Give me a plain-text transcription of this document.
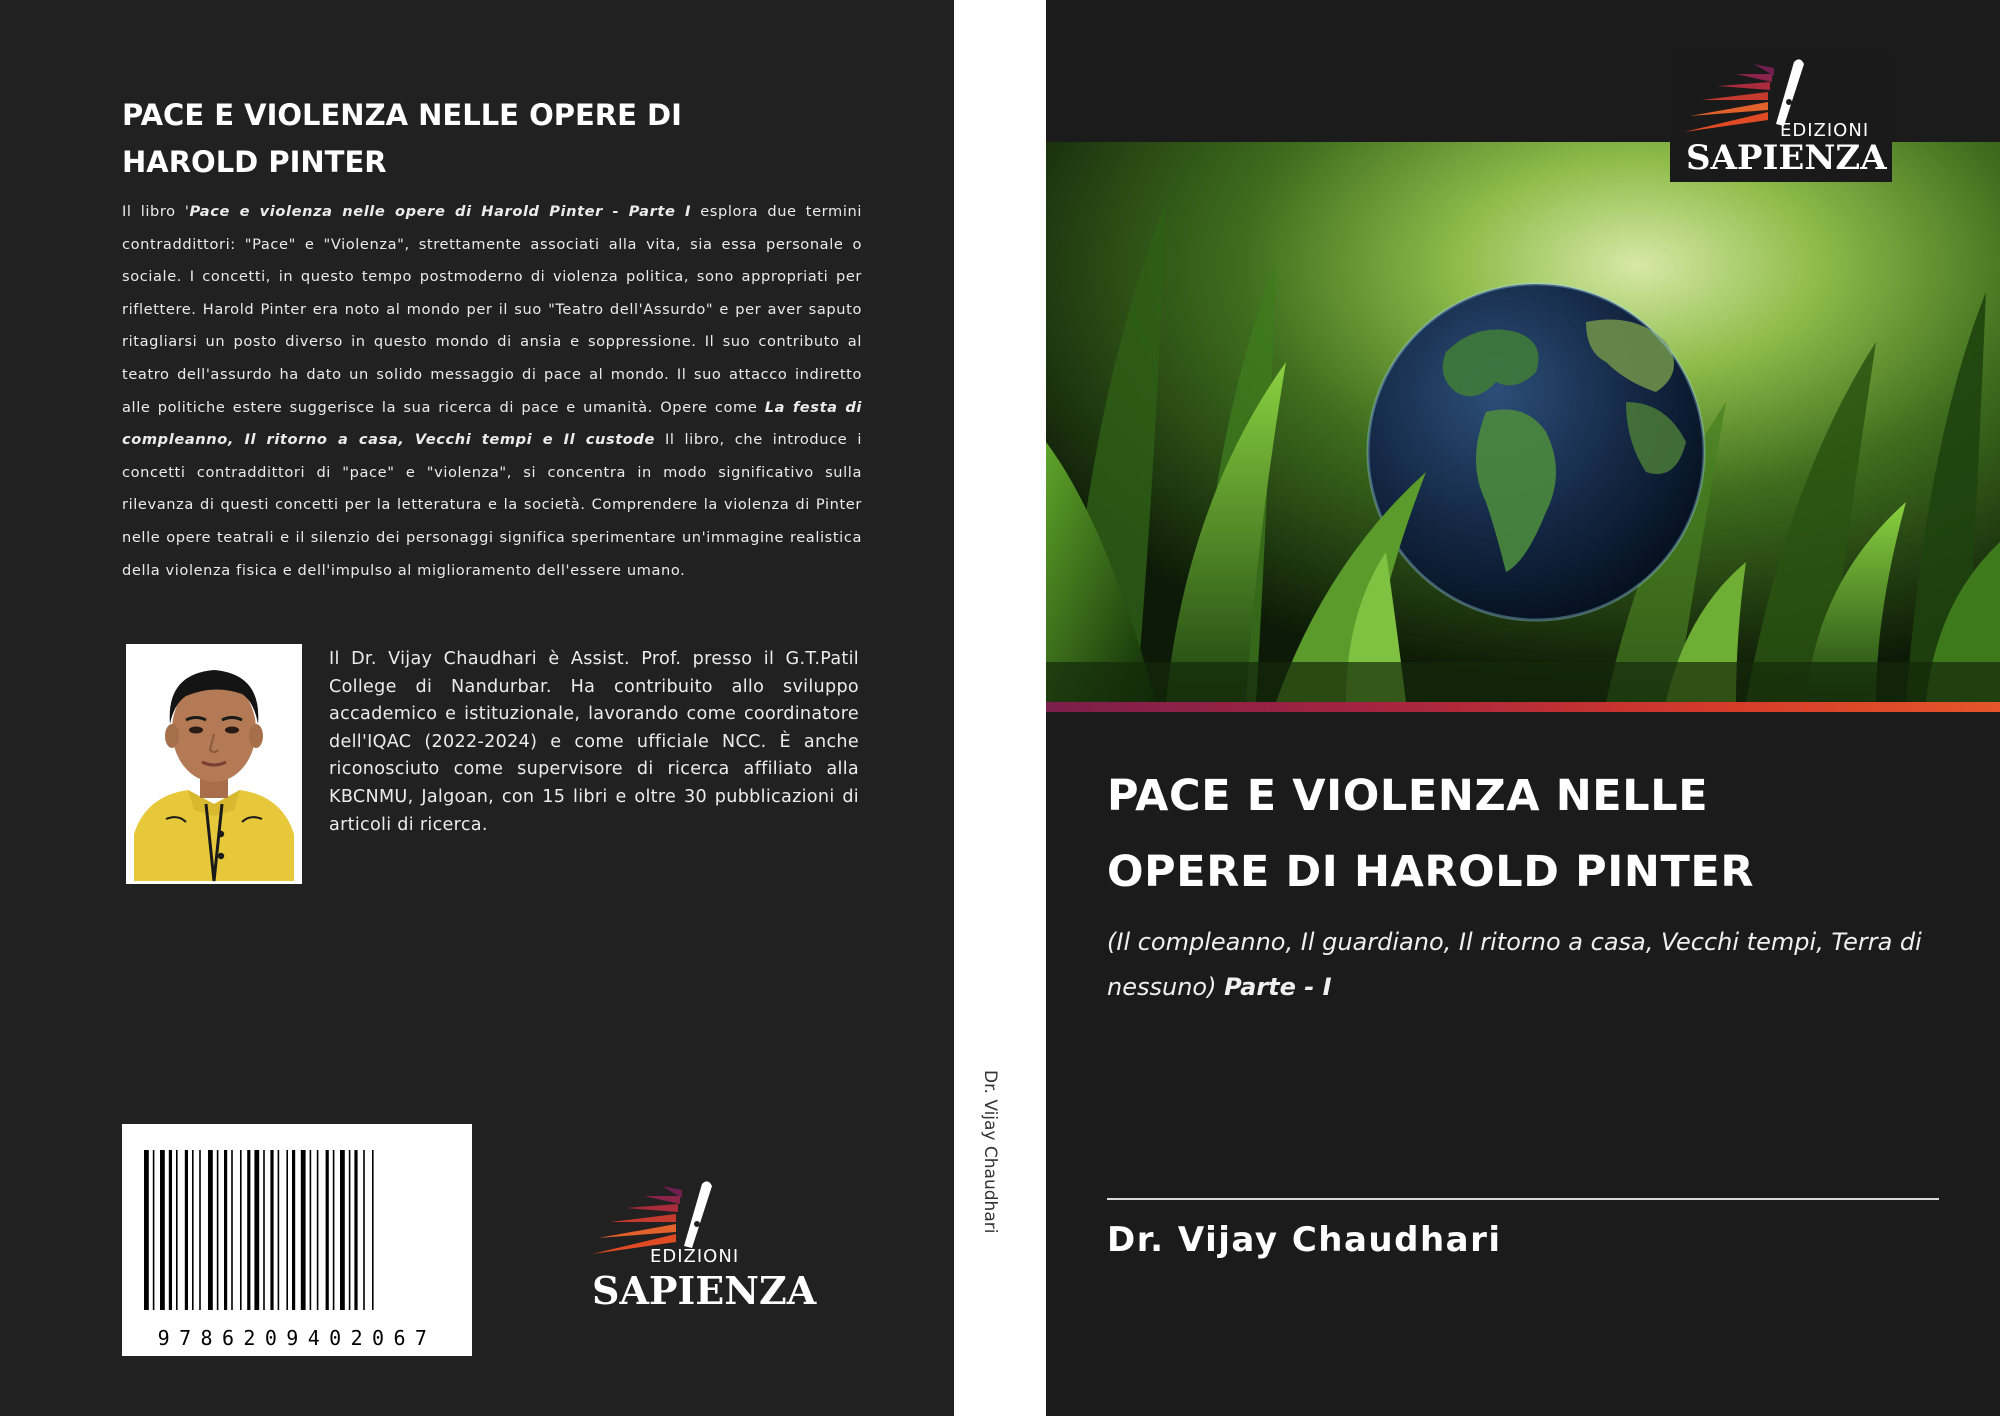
PACE E VIOLENZA NELLE OPERE DI
HAROLD PINTER
Il libro 'Pace e violenza nelle opere di Harold Pinter - Parte I esplora due termini contraddittori: "Pace" e "Violenza", strettamente associati alla vita, sia essa personale o sociale. I concetti, in questo tempo postmoderno di violenza politica, sono appropriati per riflettere. Harold Pinter era noto al mondo per il suo "Teatro dell'Assurdo" e per aver saputo ritagliarsi un posto diverso in questo mondo di ansia e soppressione. Il suo contributo al teatro dell'assurdo ha dato un solido messaggio di pace al mondo. Il suo attacco indiretto alle politiche estere suggerisce la sua ricerca di pace e umanità. Opere come La festa di compleanno, Il ritorno a casa, Vecchi tempi e Il custode Il libro, che introduce i concetti contraddittori di "pace" e "violenza", si concentra in modo significativo sulla rilevanza di questi concetti per la letteratura e la società. Comprendere la violenza di Pinter nelle opere teatrali e il silenzio dei personaggi significa sperimentare un'immagine realistica della violenza fisica e dell'impulso al miglioramento dell'essere umano.
Il Dr. Vijay Chaudhari è Assist. Prof. presso il G.T.Patil College di Nandurbar. Ha contribuito allo sviluppo accademico e istituzionale, lavorando come coordinatore dell'IQAC (2022-2024) e come ufficiale NCC. È anche riconosciuto come supervisore di ricerca affiliato alla KBCNMU, Jalgoan, con 15 libri e oltre 30 pubblicazioni di articoli di ricerca.
9786209402067
EDIZIONI
SAPIENZA
Dr. Vijay Chaudhari
EDIZIONI
SAPIENZA
PACE E VIOLENZA NELLE
OPERE DI HAROLD PINTER
(Il compleanno, Il guardiano, Il ritorno a casa, Vecchi tempi, Terra di nessuno) Parte - I
Dr. Vijay Chaudhari
